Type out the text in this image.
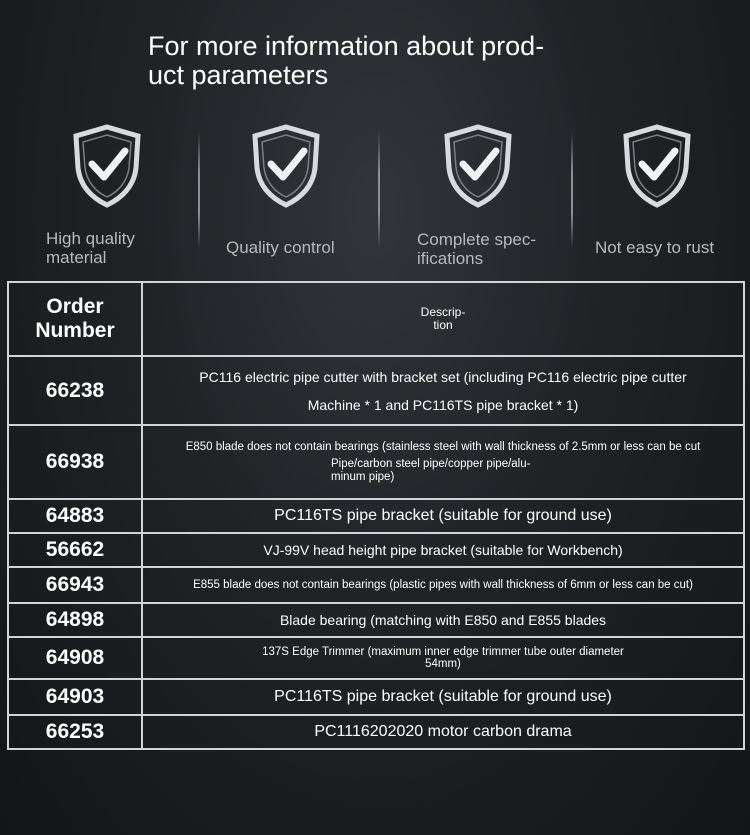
For more information about prod-
uct parameters
High quality
material
Quality control	Complete spec-
ifications
Not easy to rust
Order Number	Descrip-
tion

66238	PC116 electric pipe cutter with bracket set (including PC116 electric pipe cutter
Machine * 1 and PC116TS pipe bracket * 1)

66938	E850 blade does not contain bearings (stainless steel with wall thickness of 2.5mm or less can be cut
Pipe/carbon steel pipe/copper pipe/alu-
minum pipe)

64883	PC116TS pipe bracket (suitable for ground use)
56662	VJ-99V head height pipe bracket (suitable for Workbench)
66943	E855 blade does not contain bearings (plastic pipes with wall thickness of 6mm or less can be cut)
64898	Blade bearing (matching with E850 and E855 blades
64908	137S Edge Trimmer (maximum inner edge trimmer tube outer diameter
54mm)

64903	PC116TS pipe bracket (suitable for ground use)
66253	PC1116202020 motor carbon drama
